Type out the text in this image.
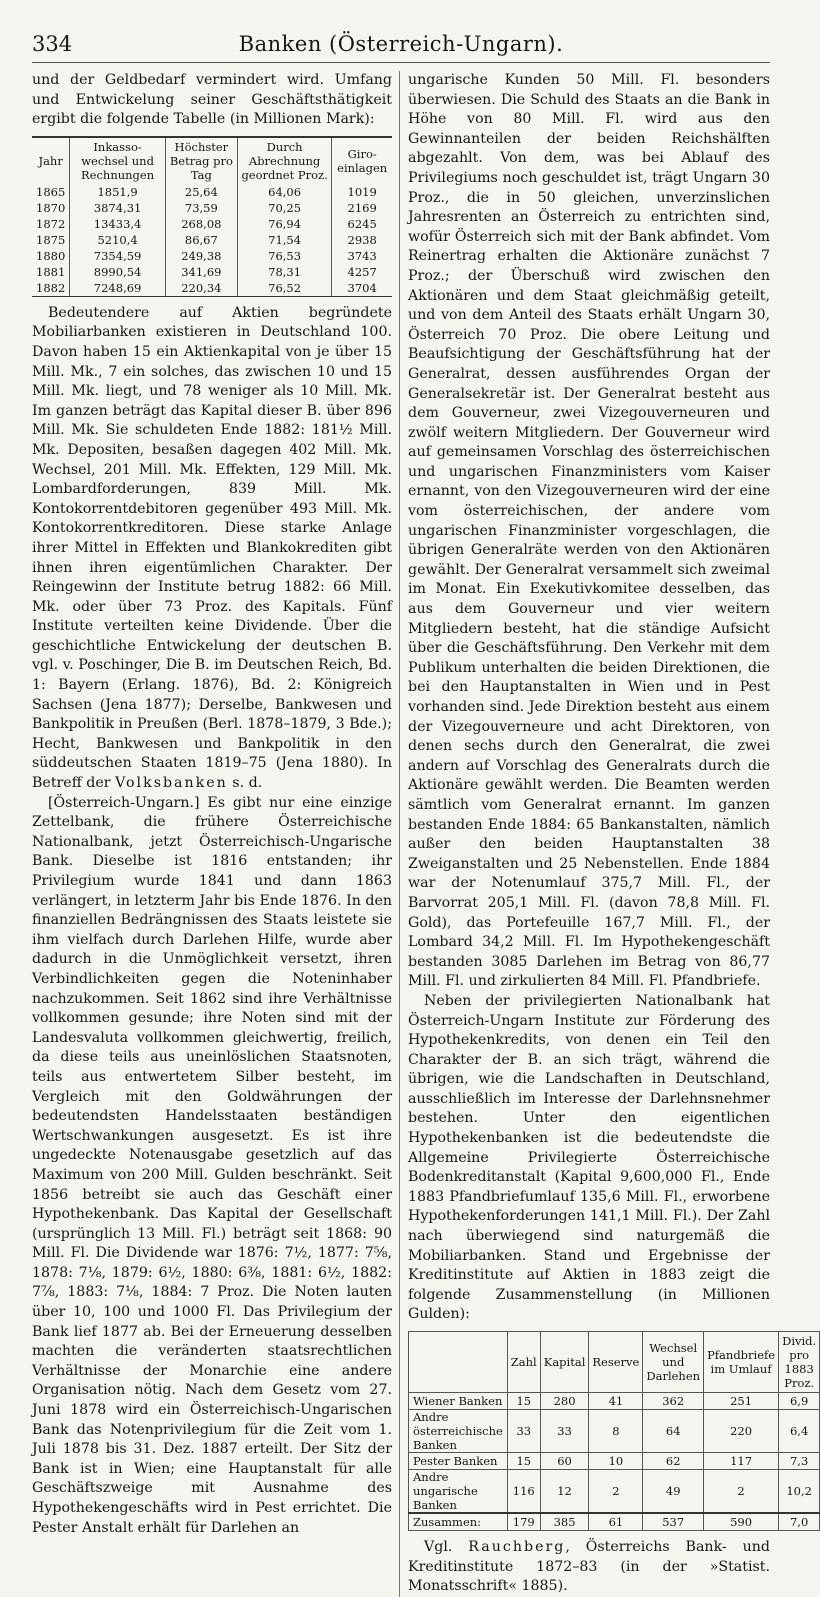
334	Banken (Österreich-Ungarn).

und der Geldbedarf vermindert wird. Umfang und Entwickelung seiner Geschäftsthätigkeit ergibt die folgende Tabelle (in Millionen Mark):

Jahr	Inkasso-wechsel und Rechnungen	Höchster Betrag pro Tag	Durch Abrechnung geordnet Proz.	Giro-einlagen
1865	1851,9	25,64	64,06	1019
1870	3874,31	73,59	70,25	2169
1872	13433,4	268,08	76,94	6245
1875	5210,4	86,67	71,54	2938
1880	7354,59	249,38	76,53	3743
1881	8990,54	341,69	78,31	4257
1882	7248,69	220,34	76,52	3704

Bedeutendere auf Aktien begründete Mobiliarbanken existieren in Deutschland 100. Davon haben 15 ein Aktienkapital von je über 15 Mill. Mk., 7 ein solches, das zwischen 10 und 15 Mill. Mk. liegt, und 78 weniger als 10 Mill. Mk. Im ganzen beträgt das Kapital dieser B. über 896 Mill. Mk. Sie schuldeten Ende 1882: 181½ Mill. Mk. Depositen, besaßen dagegen 402 Mill. Mk. Wechsel, 201 Mill. Mk. Effekten, 129 Mill. Mk. Lombardforderungen, 839 Mill. Mk. Kontokorrentdebitoren gegenüber 493 Mill. Mk. Kontokorrentkreditoren. Diese starke Anlage ihrer Mittel in Effekten und Blankokrediten gibt ihnen ihren eigentümlichen Charakter. Der Reingewinn der Institute betrug 1882: 66 Mill. Mk. oder über 73 Proz. des Kapitals. Fünf Institute verteilten keine Dividende. Über die geschichtliche Entwickelung der deutschen B. vgl. v. Poschinger, Die B. im Deutschen Reich, Bd. 1: Bayern (Erlang. 1876), Bd. 2: Königreich Sachsen (Jena 1877); Derselbe, Bankwesen und Bankpolitik in Preußen (Berl. 1878–1879, 3 Bde.); Hecht, Bankwesen und Bankpolitik in den süddeutschen Staaten 1819–75 (Jena 1880). In Betreff der Volksbanken s. d.

[Österreich-Ungarn.] Es gibt nur eine einzige Zettelbank, die frühere Österreichische Nationalbank, jetzt Österreichisch-Ungarische Bank. Dieselbe ist 1816 entstanden; ihr Privilegium wurde 1841 und dann 1863 verlängert, in letzterm Jahr bis Ende 1876. In den finanziellen Bedrängnissen des Staats leistete sie ihm vielfach durch Darlehen Hilfe, wurde aber dadurch in die Unmöglichkeit versetzt, ihren Verbindlichkeiten gegen die Noteninhaber nachzukommen. Seit 1862 sind ihre Verhältnisse vollkommen gesunde; ihre Noten sind mit der Landesvaluta vollkommen gleichwertig, freilich, da diese teils aus uneinlöslichen Staatsnoten, teils aus entwertetem Silber besteht, im Vergleich mit den Goldwährungen der bedeutendsten Handelsstaaten beständigen Wertschwankungen ausgesetzt. Es ist ihre ungedeckte Notenausgabe gesetzlich auf das Maximum von 200 Mill. Gulden beschränkt. Seit 1856 betreibt sie auch das Geschäft einer Hypothekenbank. Das Kapital der Gesellschaft (ursprünglich 13 Mill. Fl.) beträgt seit 1868: 90 Mill. Fl. Die Dividende war 1876: 7½, 1877: 7⅝, 1878: 7⅛, 1879: 6½, 1880: 6⅜, 1881: 6½, 1882: 7⅞, 1883: 7⅛, 1884: 7 Proz. Die Noten lauten über 10, 100 und 1000 Fl. Das Privilegium der Bank lief 1877 ab. Bei der Erneuerung desselben machten die veränderten staatsrechtlichen Verhältnisse der Monarchie eine andere Organisation nötig. Nach dem Gesetz vom 27. Juni 1878 wird ein Österreichisch-Ungarischen Bank das Notenprivilegium für die Zeit vom 1. Juli 1878 bis 31. Dez. 1887 erteilt. Der Sitz der Bank ist in Wien; eine Hauptanstalt für alle Geschäftszweige mit Ausnahme des Hypothekengeschäfts wird in Pest errichtet. Die Pester Anstalt erhält für Darlehen an

ungarische Kunden 50 Mill. Fl. besonders überwiesen. Die Schuld des Staats an die Bank in Höhe von 80 Mill. Fl. wird aus den Gewinnanteilen der beiden Reichshälften abgezahlt. Von dem, was bei Ablauf des Privilegiums noch geschuldet ist, trägt Ungarn 30 Proz., die in 50 gleichen, unverzinslichen Jahresrenten an Österreich zu entrichten sind, wofür Österreich sich mit der Bank abfindet. Vom Reinertrag erhalten die Aktionäre zunächst 7 Proz.; der Überschuß wird zwischen den Aktionären und dem Staat gleichmäßig geteilt, und von dem Anteil des Staats erhält Ungarn 30, Österreich 70 Proz. Die obere Leitung und Beaufsichtigung der Geschäftsführung hat der Generalrat, dessen ausführendes Organ der Generalsekretär ist. Der Generalrat besteht aus dem Gouverneur, zwei Vizegouverneuren und zwölf weitern Mitgliedern. Der Gouverneur wird auf gemeinsamen Vorschlag des österreichischen und ungarischen Finanzministers vom Kaiser ernannt, von den Vizegouverneuren wird der eine vom österreichischen, der andere vom ungarischen Finanzminister vorgeschlagen, die übrigen Generalräte werden von den Aktionären gewählt. Der Generalrat versammelt sich zweimal im Monat. Ein Exekutivkomitee desselben, das aus dem Gouverneur und vier weitern Mitgliedern besteht, hat die ständige Aufsicht über die Geschäftsführung. Den Verkehr mit dem Publikum unterhalten die beiden Direktionen, die bei den Hauptanstalten in Wien und in Pest vorhanden sind. Jede Direktion besteht aus einem der Vizegouverneure und acht Direktoren, von denen sechs durch den Generalrat, die zwei andern auf Vorschlag des Generalrats durch die Aktionäre gewählt werden. Die Beamten werden sämtlich vom Generalrat ernannt. Im ganzen bestanden Ende 1884: 65 Bankanstalten, nämlich außer den beiden Hauptanstalten 38 Zweiganstalten und 25 Nebenstellen. Ende 1884 war der Notenumlauf 375,7 Mill. Fl., der Barvorrat 205,1 Mill. Fl. (davon 78,8 Mill. Fl. Gold), das Portefeuille 167,7 Mill. Fl., der Lombard 34,2 Mill. Fl. Im Hypothekengeschäft bestanden 3085 Darlehen im Betrag von 86,77 Mill. Fl. und zirkulierten 84 Mill. Fl. Pfandbriefe.

Neben der privilegierten Nationalbank hat Österreich-Ungarn Institute zur Förderung des Hypothekenkredits, von denen ein Teil den Charakter der B. an sich trägt, während die übrigen, wie die Landschaften in Deutschland, ausschließlich im Interesse der Darlehnsnehmer bestehen. Unter den eigentlichen Hypothekenbanken ist die bedeutendste die Allgemeine Privilegierte Österreichische Bodenkreditanstalt (Kapital 9,600,000 Fl., Ende 1883 Pfandbriefumlauf 135,6 Mill. Fl., erworbene Hypothekenforderungen 141,1 Mill. Fl.). Der Zahl nach überwiegend sind naturgemäß die Mobiliarbanken. Stand und Ergebnisse der Kreditinstitute auf Aktien in 1883 zeigt die folgende Zusammenstellung (in Millionen Gulden):

	Zahl	Kapital	Reserve	Wechsel und Darlehen	Pfandbriefe im Umlauf	Divid. pro 1883 Proz.
Wiener Banken	15	280	41	362	251	6,9
Andre österreichische Banken	33	33	8	64	220	6,4
Pester Banken	15	60	10	62	117	7,3
Andre ungarische Banken	116	12	2	49	2	10,2
Zusammen:	179	385	61	537	590	7,0

Vgl. Rauchberg, Österreichs Bank- und Kreditinstitute 1872–83 (in der »Statist. Monatsschrift« 1885).
